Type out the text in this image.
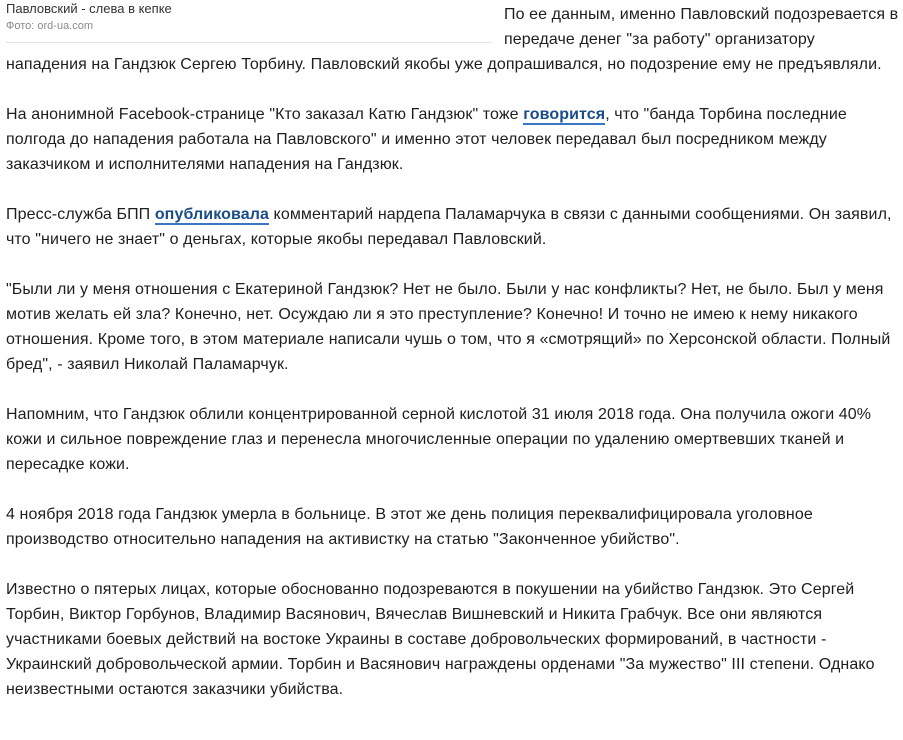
Павловский - слева в кепке
Фото: ord-ua.com

По ее данным, именно Павловский подозревается в передаче денег "за работу" организатору нападения на Гандзюк Сергею Торбину. Павловский якобы уже допрашивался, но подозрение ему не предъявляли.

На анонимной Facebook-странице "Кто заказал Катю Гандзюк" тоже говорится, что "банда Торбина последние полгода до нападения работала на Павловского" и именно этот человек передавал был посредником между заказчиком и исполнителями нападения на Гандзюк.

Пресс-служба БПП опубликовала комментарий нардепа Паламарчука в связи с данными сообщениями. Он заявил, что "ничего не знает" о деньгах, которые якобы передавал Павловский.

"Были ли у меня отношения с Екатериной Гандзюк? Нет не было. Были у нас конфликты? Нет, не было. Был у меня мотив желать ей зла? Конечно, нет. Осуждаю ли я это преступление? Конечно! И точно не имею к нему никакого отношения. Кроме того, в этом материале написали чушь о том, что я «смотрящий» по Херсонской области. Полный бред", - заявил Николай Паламарчук.

Напомним, что Гандзюк облили концентрированной серной кислотой 31 июля 2018 года. Она получила ожоги 40% кожи и сильное повреждение глаз и перенесла многочисленные операции по удалению омертвевших тканей и пересадке кожи.

4 ноября 2018 года Гандзюк умерла в больнице. В этот же день полиция переквалифицировала уголовное производство относительно нападения на активистку на статью "Законченное убийство".

Известно о пятерых лицах, которые обоснованно подозреваются в покушении на убийство Гандзюк. Это Сергей Торбин, Виктор Горбунов, Владимир Васянович, Вячеслав Вишневский и Никита Грабчук. Все они являются участниками боевых действий на востоке Украины в составе добровольческих формирований, в частности - Украинский добровольческой армии. Торбин и Васянович награждены орденами "За мужество" III степени. Однако неизвестными остаются заказчики убийства.
